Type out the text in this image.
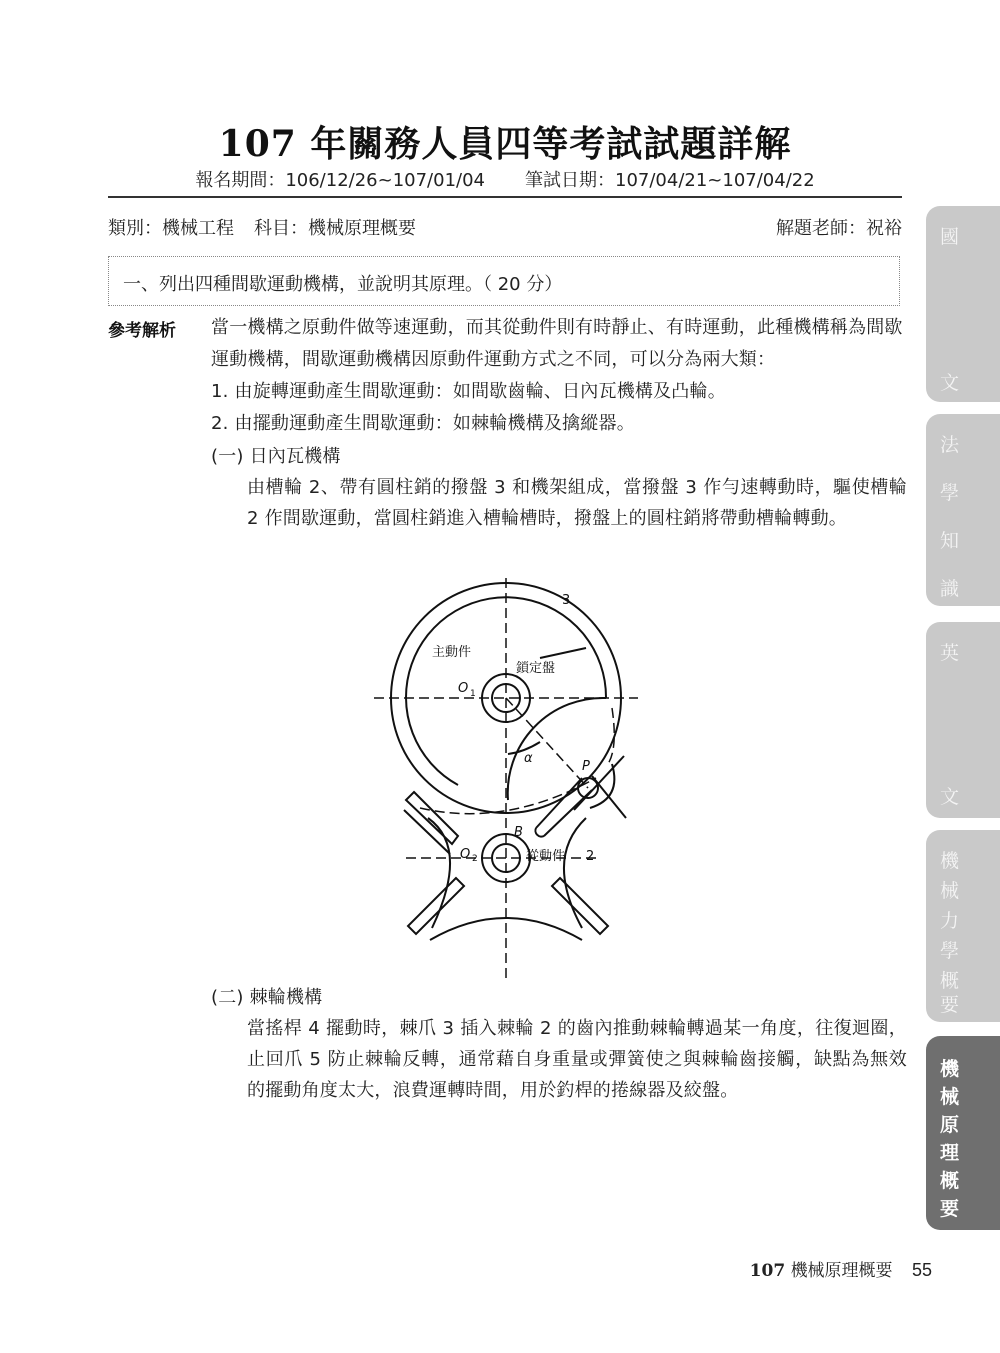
107 年關務人員四等考試試題詳解
報名期間：106/12/26~107/01/04 筆試日期：107/04/21~107/04/22
類別：機械工程 科目：機械原理概要	解題老師：祝裕
一、列出四種間歇運動機構，並說明其原理。（ 20 分）
參考解析 當一機構之原動件做等速運動，而其從動件則有時靜止、有時運動，此種機構稱為間歇運動機構，間歇運動機構因原動件運動方式之不同，可以分為兩大類：
1. 由旋轉運動產生間歇運動：如間歇齒輪、日內瓦機構及凸輪。
2. 由擺動運動產生間歇運動：如棘輪機構及擒縱器。
(一) 日內瓦機構
由槽輪 2、帶有圓柱銷的撥盤 3 和機架組成，當撥盤 3 作勻速轉動時，驅使槽輪 2 作間歇運動，當圓柱銷進入槽輪槽時，撥盤上的圓柱銷將帶動槽輪轉動。
3
主動件
鎖定盤
O 1
α
P
B
O 2	從動件 2
(二) 棘輪機構
當搖桿 4 擺動時，棘爪 3 插入棘輪 2 的齒內推動棘輪轉過某一角度，往復迴圈，止回爪 5 防止棘輪反轉，通常藉自身重量或彈簧使之與棘輪齒接觸，缺點為無效的擺動角度太大，浪費運轉時間，用於釣桿的捲線器及絞盤。
國
文
法
學
知
識
英
文
機
械
力
學
概
要
機
械
原
理
概
要
107 機械原理概要 55
